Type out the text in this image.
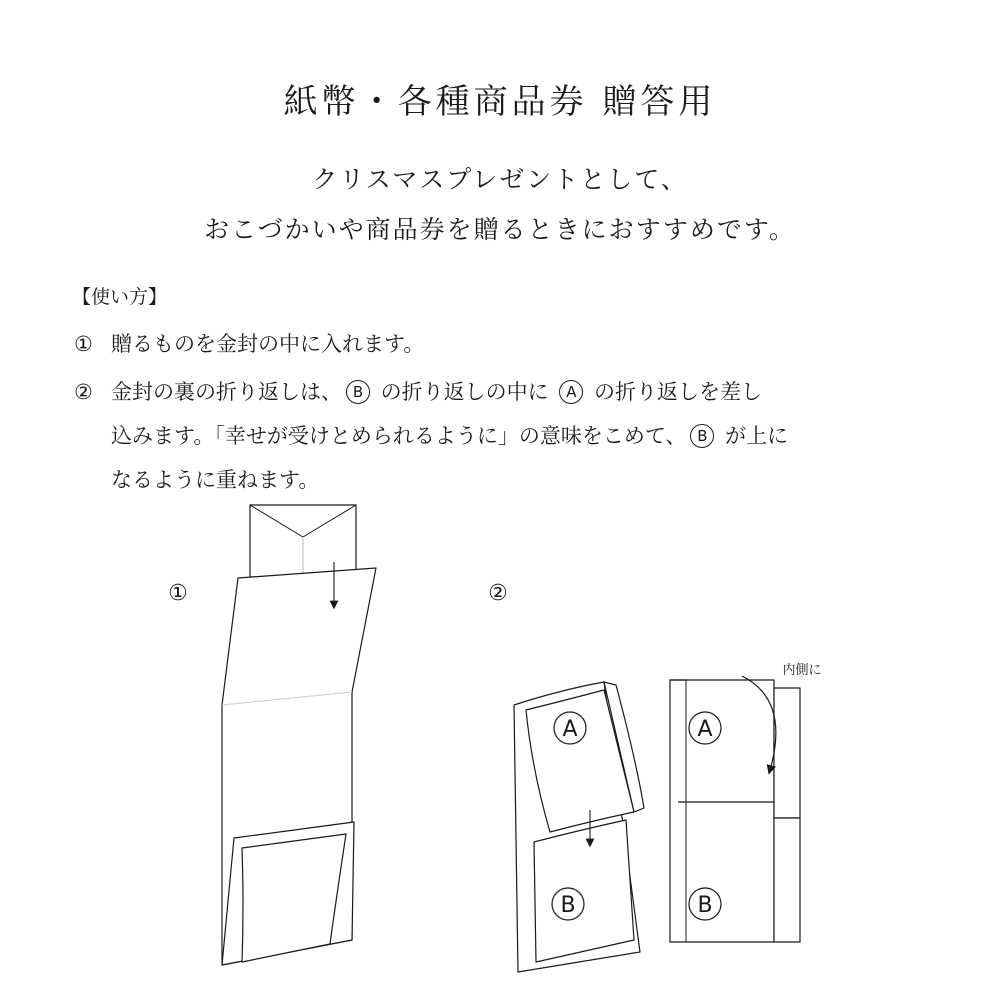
紙幣・各種商品券 贈答用
クリスマスプレゼントとして、
おこづかいや商品券を贈るときにおすすめです。
【使い方】
① 贈るものを金封の中に入れます。
② 金封の裏の折り返しは、 B の折り返しの中に A の折り返しを差し
込みます。「幸せが受けとめられるように」の意味をこめて、 B が上に
なるように重ねます。
①	②
A
B
A
B
内側に
